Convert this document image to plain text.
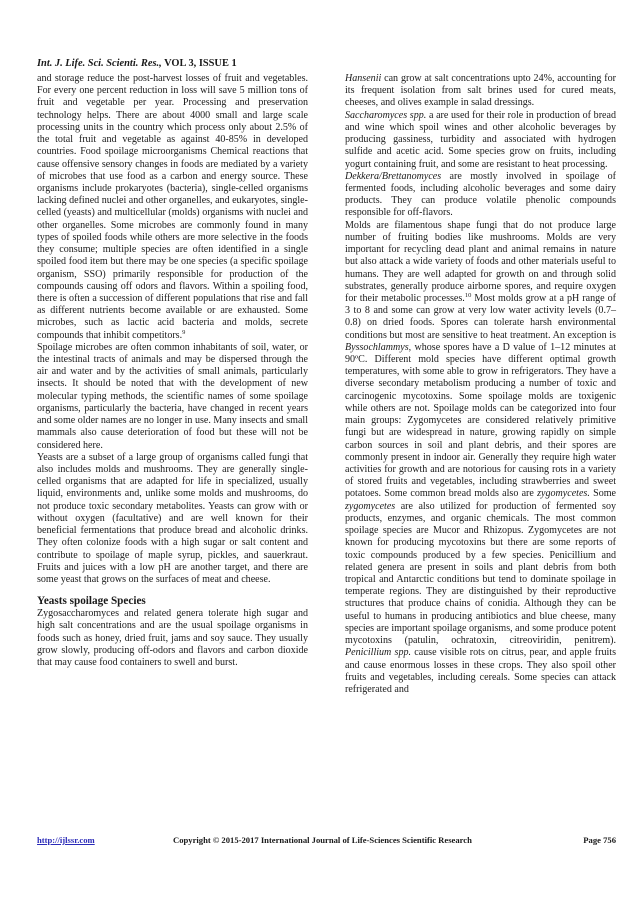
Int. J. Life. Sci. Scienti. Res., VOL 3, ISSUE 1

and storage reduce the post-harvest losses of fruit and vegetables. For every one percent reduction in loss will save 5 million tons of fruit and vegetable per year. Processing and preservation technology helps. There are about 4000 small and large scale processing units in the country which process only about 2.5% of the total fruit and vegetable as against 40-85% in developed countries. Food spoilage microorganisms Chemical reactions that cause offensive sensory changes in foods are mediated by a variety of microbes that use food as a carbon and energy source. These organisms include prokaryotes (bacteria), single-celled organisms lacking defined nuclei and other organelles, and eukaryotes, single-celled (yeasts) and multicellular (molds) organisms with nuclei and other organelles. Some microbes are commonly found in many types of spoiled foods while others are more selective in the foods they consume; multiple species are often identified in a single spoiled food item but there may be one species (a specific spoilage organism, SSO) primarily responsible for production of the compounds causing off odors and flavors. Within a spoiling food, there is often a succession of different populations that rise and fall as different nutrients become available or are exhausted. Some microbes, such as lactic acid bacteria and molds, secrete compounds that inhibit competitors.$^9$

Spoilage microbes are often common inhabitants of soil, water, or the intestinal tracts of animals and may be dispersed through the air and water and by the activities of small animals, particularly insects. It should be noted that with the development of new molecular typing methods, the scientific names of some spoilage organisms, particularly the bacteria, have changed in recent years and some older names are no longer in use. Many insects and small mammals also cause deterioration of food but these will not be considered here.

Yeasts are a subset of a large group of organisms called fungi that also includes molds and mushrooms. They are generally single-celled organisms that are adapted for life in specialized, usually liquid, environments and, unlike some molds and mushrooms, do not produce toxic secondary metabolites. Yeasts can grow with or without oxygen (facultative) and are well known for their beneficial fermentations that produce bread and alcoholic drinks. They often colonize foods with a high sugar or salt content and contribute to spoilage of maple syrup, pickles, and sauerkraut. Fruits and juices with a low pH are another target, and there are some yeast that grows on the surfaces of meat and cheese.

Yeasts spoilage Species

Zygosaccharomyces and related genera tolerate high sugar and high salt concentrations and are the usual spoilage organisms in foods such as honey, dried fruit, jams and soy sauce. They usually grow slowly, producing off-odors and flavors and carbon dioxide that may cause food containers to swell and burst.

Hansenii can grow at salt concentrations upto 24%, accounting for its frequent isolation from salt brines used for cured meats, cheeses, and olives example in salad dressings.

Saccharomyces spp. a are used for their role in production of bread and wine which spoil wines and other alcoholic beverages by producing gassiness, turbidity and associated with hydrogen sulfide and acetic acid. Some species grow on fruits, including yogurt containing fruit, and some are resistant to heat processing.

Dekkera/Brettanomyces are mostly involved in spoilage of fermented foods, including alcoholic beverages and some dairy products. They can produce volatile phenolic compounds responsible for off-flavors.

Molds are filamentous shape fungi that do not produce large number of fruiting bodies like mushrooms. Molds are very important for recycling dead plant and animal remains in nature but also attack a wide variety of foods and other materials useful to humans. They are well adapted for growth on and through solid substrates, generally produce airborne spores, and require oxygen for their metabolic processes.$^{10}$ Most molds grow at a pH range of 3 to 8 and some can grow at very low water activity levels (0.7–0.8) on dried foods. Spores can tolerate harsh environmental conditions but most are sensitive to heat treatment. An exception is Byssochlammys, whose spores have a D value of 1–12 minutes at 90ºC. Different mold species have different optimal growth temperatures, with some able to grow in refrigerators. They have a diverse secondary metabolism producing a number of toxic and carcinogenic mycotoxins. Some spoilage molds are toxigenic while others are not. Spoilage molds can be categorized into four main groups: Zygomycetes are considered relatively primitive fungi but are widespread in nature, growing rapidly on simple carbon sources in soil and plant debris, and their spores are commonly present in indoor air. Generally they require high water activities for growth and are notorious for causing rots in a variety of stored fruits and vegetables, including strawberries and sweet potatoes. Some common bread molds also are zygomycetes. Some zygomycetes are also utilized for production of fermented soy products, enzymes, and organic chemicals. The most common spoilage species are Mucor and Rhizopus. Zygomycetes are not known for producing mycotoxins but there are some reports of toxic compounds produced by a few species. Penicillium and related genera are present in soils and plant debris from both tropical and Antarctic conditions but tend to dominate spoilage in temperate regions. They are distinguished by their reproductive structures that produce chains of conidia. Although they can be useful to humans in producing antibiotics and blue cheese, many species are important spoilage organisms, and some produce potent mycotoxins (patulin, ochratoxin, citreoviridin, penitrem). Penicillium spp. cause visible rots on citrus, pear, and apple fruits and cause enormous losses in these crops. They also spoil other fruits and vegetables, including cereals. Some species can attack refrigerated and

http://ijlssr.com	Copyright © 2015-2017 International Journal of Life-Sciences Scientific Research	Page 756
